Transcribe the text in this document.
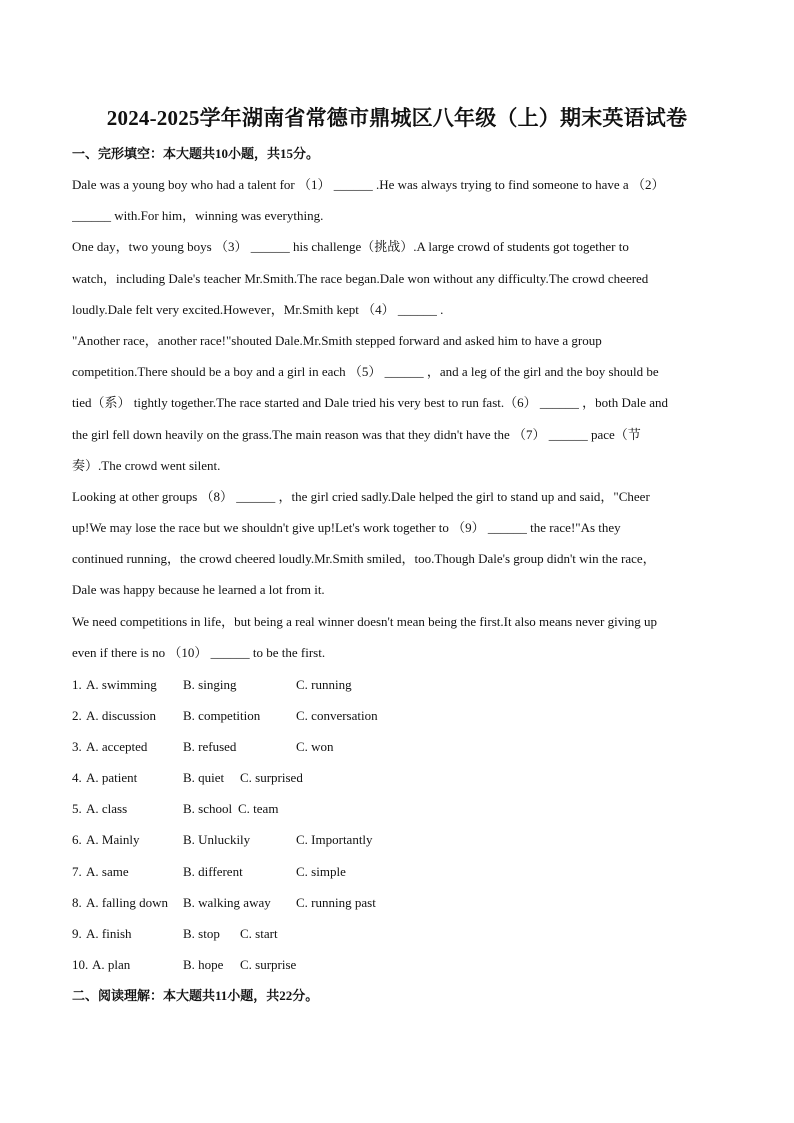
2024-2025学年湖南省常德市鼎城区八年级（上）期末英语试卷
一、完形填空：本大题共10小题，共15分。
Dale was a young boy who had a talent for （1） ______ .He was always trying to find someone to have a （2）
______ with.For him，winning was everything.
One day，two young boys （3） ______ his challenge（挑战）.A large crowd of students got together to
watch，including Dale's teacher Mr.Smith.The race began.Dale won without any difficulty.The crowd cheered
loudly.Dale felt very excited.However，Mr.Smith kept （4） ______ .
"Another race，another race!"shouted Dale.Mr.Smith stepped forward and asked him to have a group
competition.There should be a boy and a girl in each （5） ______ ，and a leg of the girl and the boy should be
tied（系） tightly together.The race started and Dale tried his very best to run fast.（6） ______ ，both Dale and
the girl fell down heavily on the grass.The main reason was that they didn't have the （7） ______ pace（节
奏）.The crowd went silent.
Looking at other groups （8） ______ ，the girl cried sadly.Dale helped the girl to stand up and said，"Cheer
up!We may lose the race but we shouldn't give up!Let's work together to （9） ______ the race!"As they
continued running，the crowd cheered loudly.Mr.Smith smiled，too.Though Dale's group didn't win the race，
Dale was happy because he learned a lot from it.
We need competitions in life，but being a real winner doesn't mean being the first.It also means never giving up
even if there is no （10） ______ to be the first.
1. A. swimming B. singing	C. running
2. A. discussion B. competition	C. conversation
3. A. accepted	B. refused	C. won
4. A. patient	B. quiet C. surprised
5. A. class	B. school C. team
6. A. Mainly	B. Unluckily	C. Importantly
7. A. same	B. different	C. simple
8. A. falling down B. walking away C. running past
9. A. finish	B. stop C. start
10. A. plan	B. hope C. surprise
二、阅读理解：本大题共11小题，共22分。
